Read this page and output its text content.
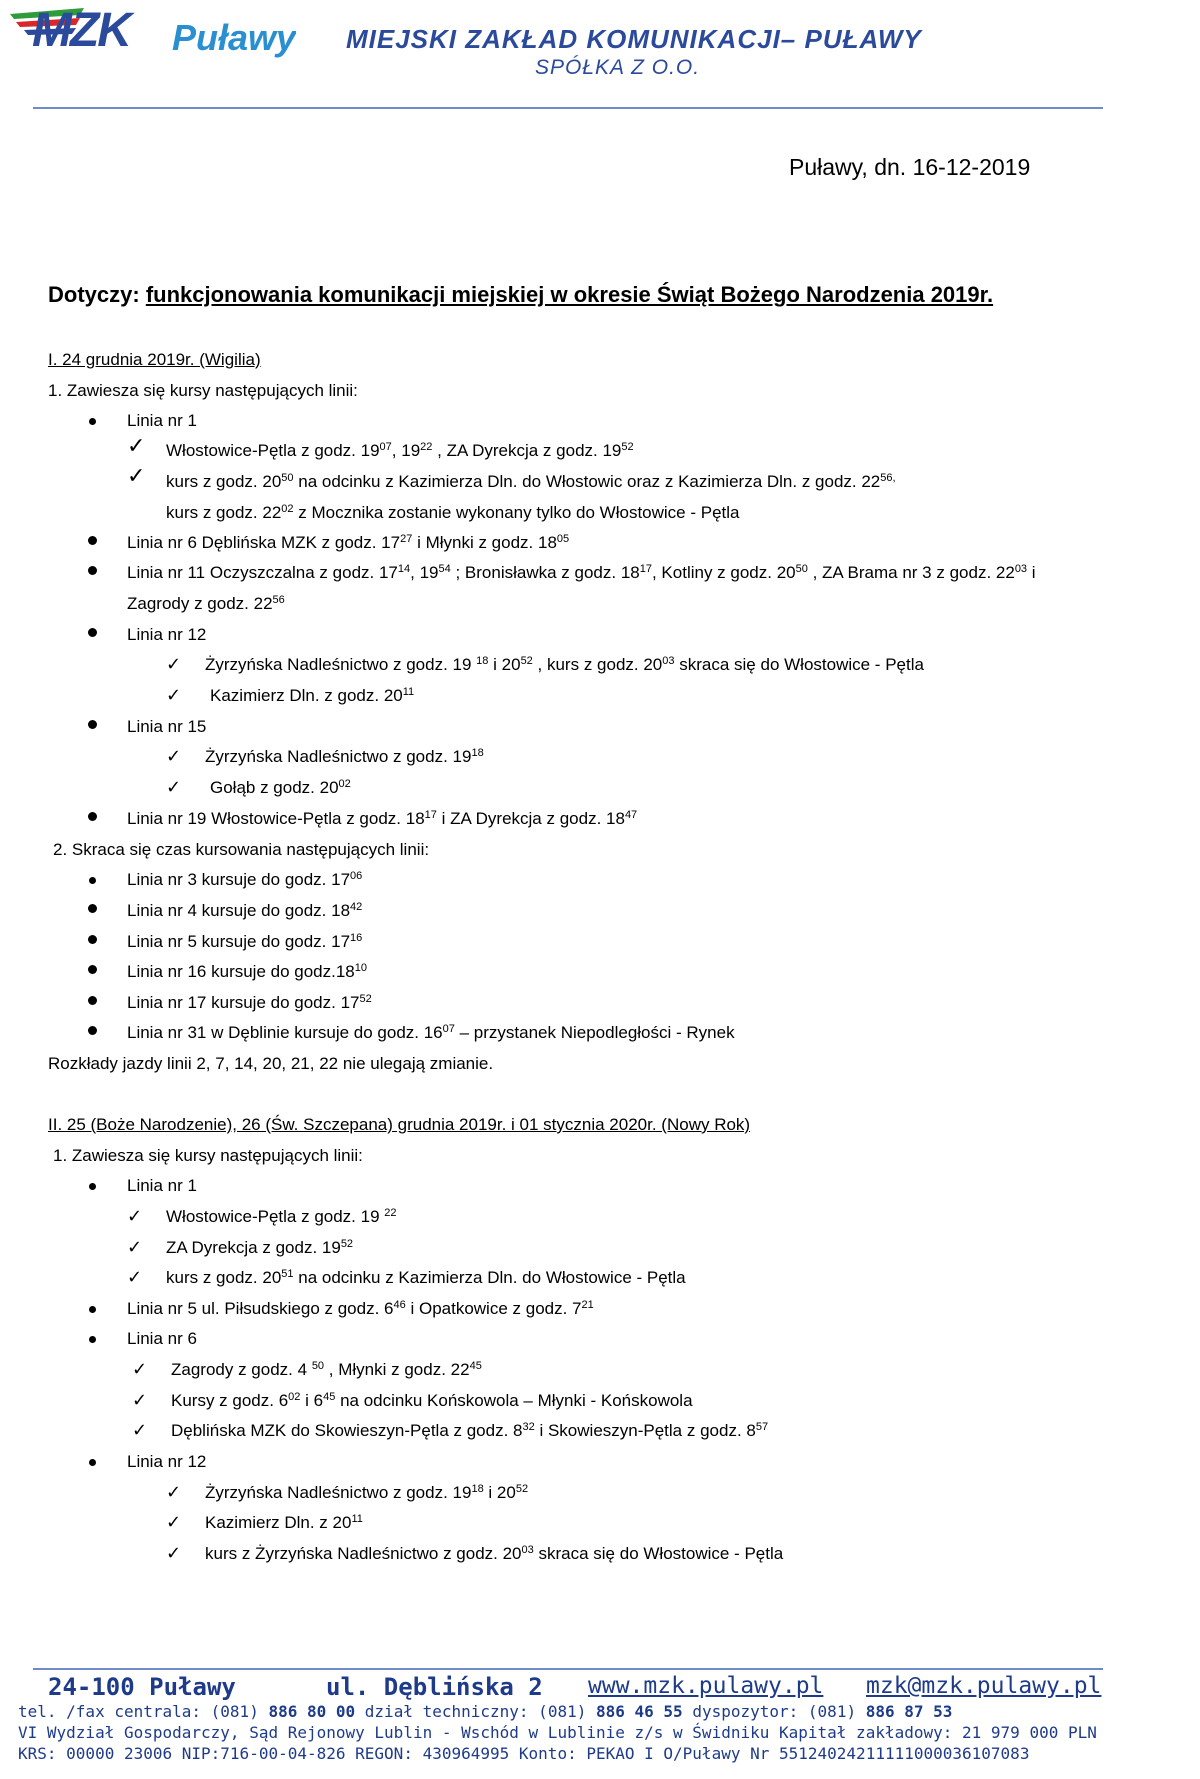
MZK Puławy MIEJSKI ZAKŁAD KOMUNIKACJI– PUŁAWY
SPÓŁKA Z O.O.
Puławy, dn. 16-12-2019
Dotyczy: funkcjonowania komunikacji miejskiej w okresie Świąt Bożego Narodzenia 2019r.
I. 24 grudnia 2019r. (Wigilia)
1. Zawiesza się kursy następujących linii:
Linia nr 1
✓ Włostowice-Pętla z godz. $19^{07}$, $19^{22}$ , ZA Dyrekcja z godz. $19^{52}$
✓ kurs z godz. $20^{50}$ na odcinku z Kazimierza Dln. do Włostowic oraz z Kazimierza Dln. z godz. $22^{56,}$
kurs z godz. $22^{02}$ z Mocznika zostanie wykonany tylko do Włostowice - Pętla
Linia nr 6 Dęblińska MZK z godz. $17^{27}$ i Młynki z godz. $18^{05}$
Linia nr 11 Oczyszczalna z godz. $17^{14}$, $19^{54}$ ; Bronisławka z godz. $18^{17}$, Kotliny z godz. $20^{50}$ , ZA Brama nr 3 z godz. $22^{03}$ i
Zagrody z godz. $22^{56}$
Linia nr 12
✓ Żyrzyńska Nadleśnictwo z godz. 19 $^{18}$ i $20^{52}$ , kurs z godz. $20^{03}$ skraca się do Włostowice - Pętla
✓ Kazimierz Dln. z godz. $20^{11}$
Linia nr 15
✓ Żyrzyńska Nadleśnictwo z godz. $19^{18}$
✓ Gołąb z godz. $20^{02}$
Linia nr 19 Włostowice-Pętla z godz. $18^{17}$ i ZA Dyrekcja z godz. $18^{47}$
2. Skraca się czas kursowania następujących linii:
Linia nr 3 kursuje do godz. $17^{06}$
Linia nr 4 kursuje do godz. $18^{42}$
Linia nr 5 kursuje do godz. $17^{16}$
Linia nr 16 kursuje do $godz.18^{10}$
Linia nr 17 kursuje do godz. $17^{52}$
Linia nr 31 w Dęblinie kursuje do godz. $16^{07}$ – przystanek Niepodległości - Rynek
Rozkłady jazdy linii 2, 7, 14, 20, 21, 22 nie ulegają zmianie.
II. 25 (Boże Narodzenie), 26 (Św. Szczepana) grudnia 2019r. i 01 stycznia 2020r. (Nowy Rok)
1. Zawiesza się kursy następujących linii:
Linia nr 1
✓ Włostowice-Pętla z godz. 19 $^{22}$
✓ ZA Dyrekcja z godz. $19^{52}$
✓ kurs z godz. $20^{51}$ na odcinku z Kazimierza Dln. do Włostowice - Pętla
Linia nr 5 ul. Piłsudskiego z godz. $6^{46}$ i Opatkowice z godz. $7^{21}$
Linia nr 6
✓ Zagrody z godz. 4 $^{50}$ , Młynki z godz. $22^{45}$
✓ Kursy z godz. $6^{02}$ i $6^{45}$ na odcinku Końskowola – Młynki - Końskowola
✓ Dęblińska MZK do Skowieszyn-Pętla z godz. $8^{32}$ i Skowieszyn-Pętla z godz. $8^{57}$
Linia nr 12
✓ Żyrzyńska Nadleśnictwo z godz. $19^{18}$ i $20^{52}$
✓ Kazimierz Dln. z $20^{11}$
✓ kurs z Żyrzyńska Nadleśnictwo z godz. $20^{03}$ skraca się do Włostowice - Pętla
24-100 Puławy	ul. Dęblińska 2 www.mzk.pulawy.pl mzk@mzk.pulawy.pl
tel. /fax centrala: (081) 886 80 00 dział techniczny: (081) 886 46 55 dyspozytor: (081) 886 87 53
VI Wydział Gospodarczy, Sąd Rejonowy Lublin - Wschód w Lublinie z/s w Świdniku Kapitał zakładowy: 21 979 000 PLN
KRS: 00000 23006 NIP:716-00-04-826 REGON: 430964995 Konto: PEKAO I O/Puławy Nr 55124024211111000036107083
